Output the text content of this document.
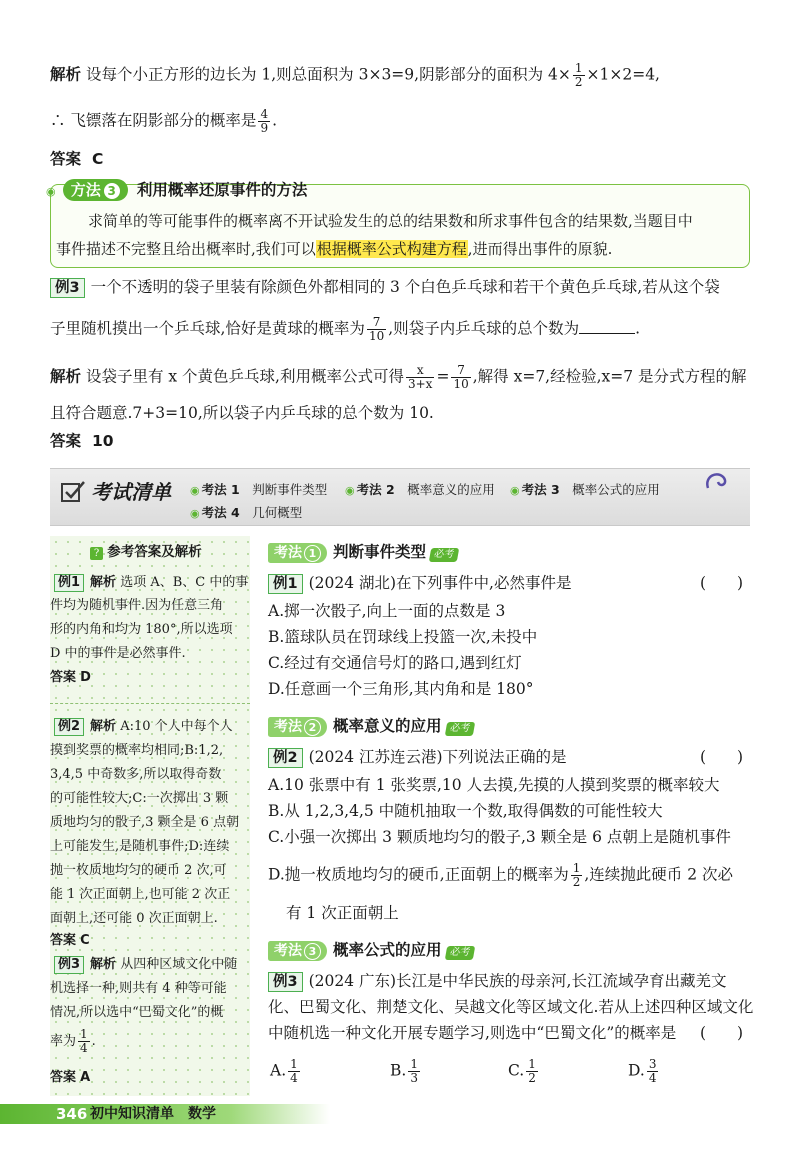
解析 设每个小正方形的边长为 1,则总面积为 3×3=9,阴影部分的面积为 $4\times \frac{1}{2} \times 1\times 2=4$,
∴ 飞镖落在阴影部分的概率是 $\frac{4}{9}$ .
答案 C
◉ 方法 3 利用概率还原事件的方法
求简单的等可能事件的概率离不开试验发生的总的结果数和所求事件包含的结果数,当题目中
事件描述不完整且给出概率时,我们可以根据概率公式构建方程,进而得出事件的原貌.
例3 一个不透明的袋子里装有除颜色外都相同的 3 个白色乒乓球和若干个黄色乒乓球,若从这个袋
子里随机摸出一个乒乓球,恰好是黄球的概率为 $\frac{7}{10}$ ,则袋子内乒乓球的总个数为	.
解析 设袋子里有 x 个黄色乒乓球,利用概率公式可得 $\frac{x}{3+x} = \frac{7}{10}$ ,解得 x=7,经检验,x=7 是分式方程的解
且符合题意.7+3=10,所以袋子内乒乓球的总个数为 10.
答案 10
考试清单 ◉ 考法 1　 判断事件类型 ◉ 考法 2　 概率意义的应用 ◉ 考法 3　 概率公式的应用
◉ 考法 4　 几何概型
? 参考答案及解析
例1 解析 选项 A、B、C 中的事
件均为随机事件.因为任意三角
形的内角和均为 180°,所以选项
D 中的事件是必然事件.
答案 D
例2 解析 A:10 个人中每个人
摸到奖票的概率均相同;B:1,2,
3,4,5 中奇数多,所以取得奇数
的可能性较大;C:一次掷出 3 颗
质地均匀的骰子,3 颗全是 6 点朝
上可能发生,是随机事件;D:连续
抛一枚质地均匀的硬币 2 次,可
能 1 次正面朝上,也可能 2 次正
面朝上,还可能 0 次正面朝上.
答案 C
例3 解析 从四种区域文化中随
机选择一种,则共有 4 种等可能
情况,所以选中“巴蜀文化”的概
率为 $\frac{1}{4}$ .
答案 A
考法 1 判断事件类型 必考
例1 (2024 湖北)在下列事件中,必然事件是	(　　)
A.掷一次骰子,向上一面的点数是 3
B.篮球队员在罚球线上投篮一次,未投中
C.经过有交通信号灯的路口,遇到红灯
D.任意画一个三角形,其内角和是 180°
考法 2 概率意义的应用 必考
例2 (2024 江苏连云港)下列说法正确的是	(　　)
A.10 张票中有 1 张奖票,10 人去摸,先摸的人摸到奖票的概率较大
B.从 1,2,3,4,5 中随机抽取一个数,取得偶数的可能性较大
C.小强一次掷出 3 颗质地均匀的骰子,3 颗全是 6 点朝上是随机事件
D.抛一枚质地均匀的硬币,正面朝上的概率为 $\frac{1}{2}$ ,连续抛此硬币 2 次必
有 1 次正面朝上
考法 3 概率公式的应用 必考
例3 (2024 广东)长江是中华民族的母亲河,长江流域孕育出藏羌文
化、巴蜀文化、荆楚文化、吴越文化等区域文化.若从上述四种区域文化
中随机选一种文化开展专题学习,则选中“巴蜀文化”的概率是 (　　)
A. $\frac{1}{4}$	B. $\frac{1}{3}$	C. $\frac{1}{2}$	D. $\frac{3}{4}$
346 初中知识清单　数学
